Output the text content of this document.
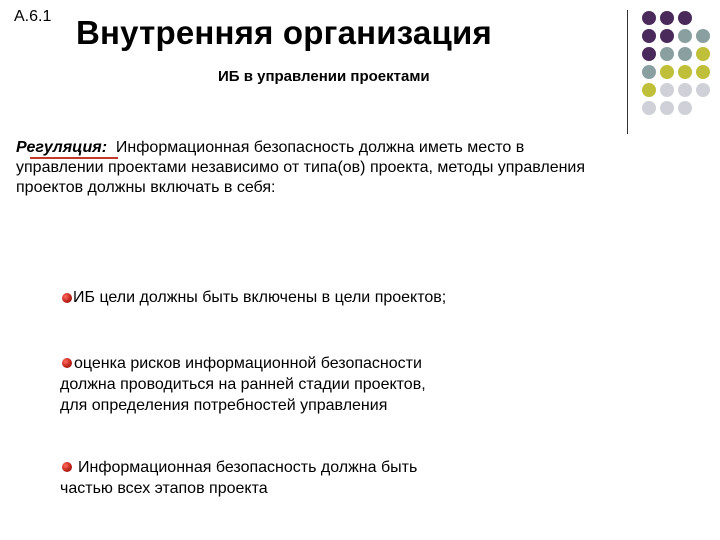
A.6.1 Внутренняя организация
ИБ в управлении проектами
Регуляция: Информационная безопасность должна иметь место в управлении проектами независимо от типа(ов) проекта, методы управления проектов должны включать в себя:
ИБ цели должны быть включены в цели проектов;
оценка рисков информационной безопасности
должна проводиться на ранней стадии проектов,
для определения потребностей управления
Информационная безопасность должна быть
частью всех этапов проекта
